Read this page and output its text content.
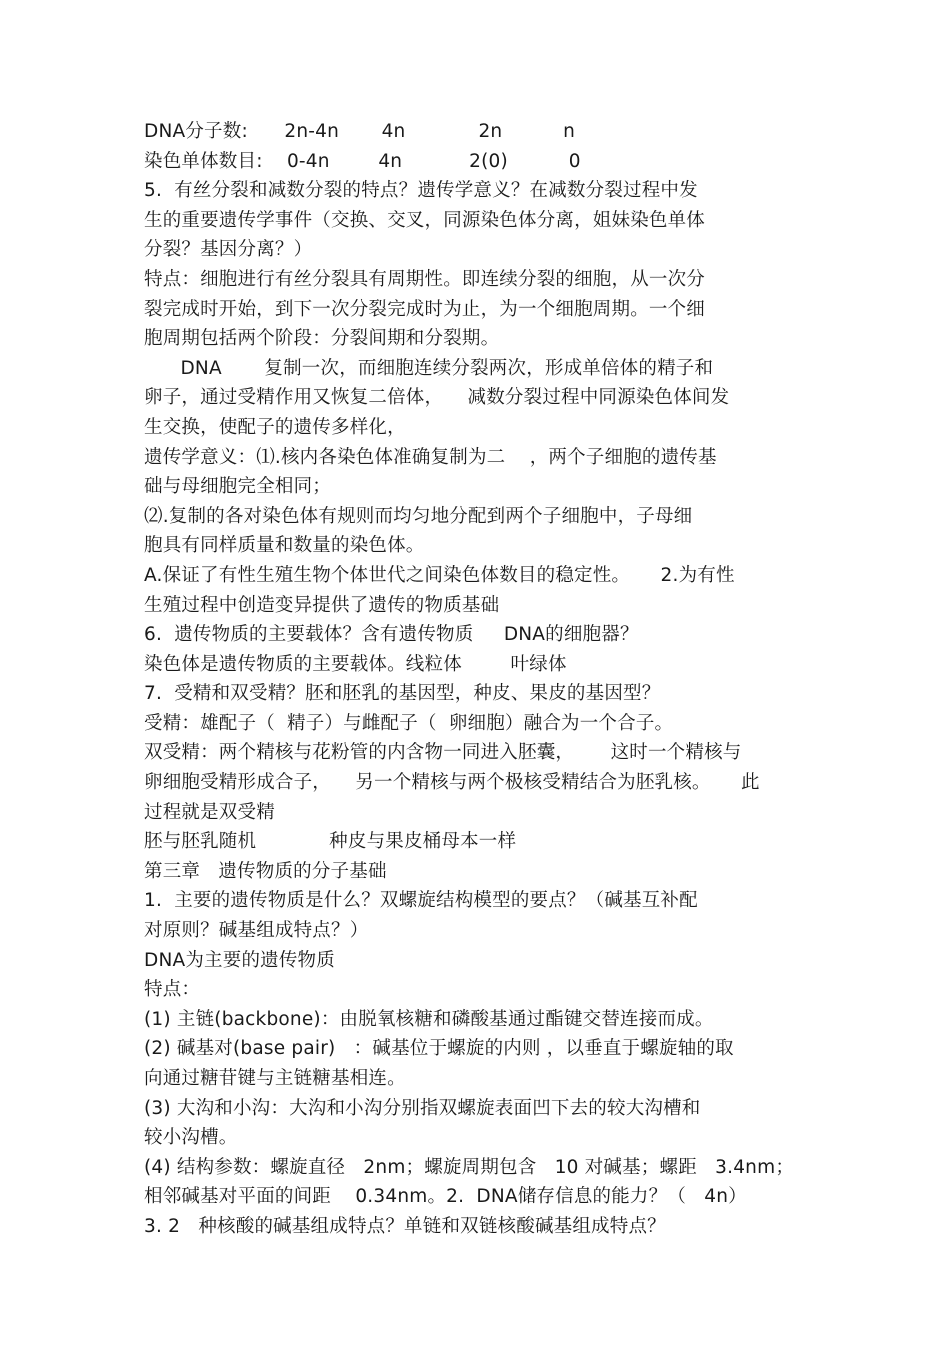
DNA分子数:      2n-4n       4n            2n          n
染色单体数目:    0-4n        4n           2(0)          0
5.  有丝分裂和减数分裂的特点？遗传学意义？在减数分裂过程中发
生的重要遗传学事件（交换、交叉，同源染色体分离，姐妹染色单体
分裂？基因分离？）
特点：细胞进行有丝分裂具有周期性。即连续分裂的细胞，从一次分
裂完成时开始，到下一次分裂完成时为止，为一个细胞周期。一个细
胞周期包括两个阶段：分裂间期和分裂期。
DNA       复制一次，而细胞连续分裂两次，形成单倍体的精子和
卵子，通过受精作用又恢复二倍体，    减数分裂过程中同源染色体间发
生交换，使配子的遗传多样化，
遗传学意义：⑴.核内各染色体准确复制为二    ，两个子细胞的遗传基
础与母细胞完全相同；
⑵.复制的各对染色体有规则而均匀地分配到两个子细胞中，子母细
胞具有同样质量和数量的染色体。
A.保证了有性生殖生物个体世代之间染色体数目的稳定性。     2.为有性
生殖过程中创造变异提供了遗传的物质基础
6.  遗传物质的主要载体？含有遗传物质     DNA的细胞器？
染色体是遗传物质的主要载体。线粒体        叶绿体
7.  受精和双受精？胚和胚乳的基因型，种皮、果皮的基因型？
受精：雄配子（  精子）与雌配子（  卵细胞）融合为一个合子。
双受精：两个精核与花粉管的内含物一同进入胚囊，      这时一个精核与
卵细胞受精形成合子，    另一个精核与两个极核受精结合为胚乳核。     此
过程就是双受精
胚与胚乳随机            种皮与果皮桶母本一样
第三章   遗传物质的分子基础
1.  主要的遗传物质是什么？双螺旋结构模型的要点？（碱基互补配
对原则？碱基组成特点？）
DNA为主要的遗传物质
特点：
(1) 主链(backbone)：由脱氧核糖和磷酸基通过酯键交替连接而成。
(2) 碱基对(base pair)   ：碱基位于螺旋的内则 ，以垂直于螺旋轴的取
向通过糖苷键与主链糖基相连。
(3) 大沟和小沟：大沟和小沟分别指双螺旋表面凹下去的较大沟槽和
较小沟槽。
(4) 结构参数：螺旋直径   2nm；螺旋周期包含   10 对碱基；螺距   3.4nm；
相邻碱基对平面的间距    0.34nm。2.  DNA储存信息的能力？（   4n）
3. 2   种核酸的碱基组成特点？单链和双链核酸碱基组成特点？
